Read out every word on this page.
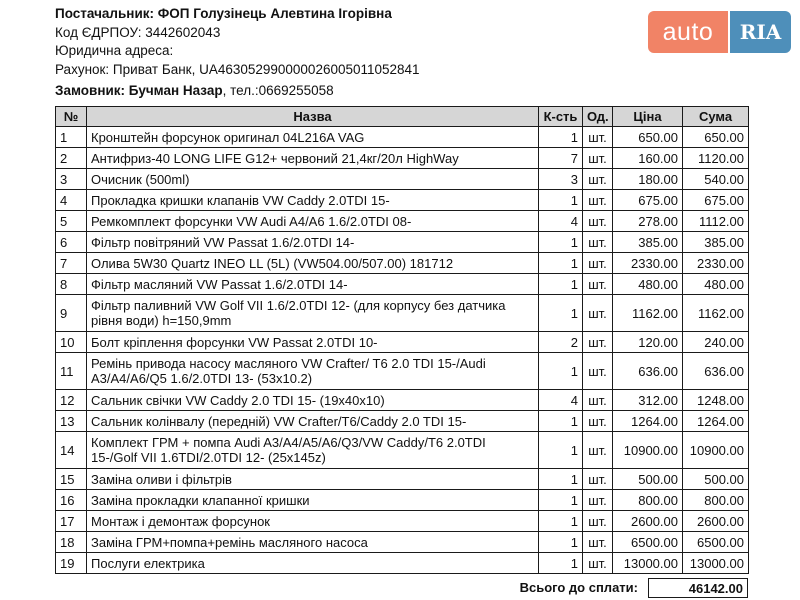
Постачальник: ФОП Голузінець Алевтина Ігорівна
Код ЄДРПОУ: 3442602043
Юридична адреса:
Рахунок: Приват Банк, UA463052990000026005011052841
Замовник: Бучман Назар, тел.:0669255058
auto	RIA
№	Назва	К-сть	Од.	Ціна	Сума
1	Кронштейн форсунок оригинал 04L216A VAG	1	шт.	650.00	650.00
2	Антифриз-40 LONG LIFE G12+ червоний 21,4кг/20л HighWay	7	шт.	160.00	1120.00
3	Очисник (500ml)	3	шт.	180.00	540.00
4	Прокладка кришки клапанів VW Caddy 2.0TDI 15-	1	шт.	675.00	675.00
5	Ремкомплект форсунки VW Audi A4/A6 1.6/2.0TDI 08-	4	шт.	278.00	1112.00
6	Фільтр повітряний VW Passat 1.6/2.0TDI 14-	1	шт.	385.00	385.00
7	Олива 5W30 Quartz INEO LL (5L) (VW504.00/507.00) 181712	1	шт.	2330.00	2330.00
8	Фільтр масляний VW Passat 1.6/2.0TDI 14-	1	шт.	480.00	480.00
9	Фільтр паливний VW Golf VII 1.6/2.0TDI 12- (для корпусу без датчика рівня води) h=150,9mm	1	шт.	1162.00	1162.00
10	Болт кріплення форсунки VW Passat 2.0TDI 10-	2	шт.	120.00	240.00
11	Ремінь привода насосу масляного VW Crafter/ T6 2.0 TDI 15-/Audi A3/A4/A6/Q5 1.6/2.0TDI 13- (53x10.2)	1	шт.	636.00	636.00
12	Сальник свічки VW Caddy 2.0 TDI 15- (19x40x10)	4	шт.	312.00	1248.00
13	Сальник колінвалу (передній) VW Crafter/T6/Caddy 2.0 TDI 15-	1	шт.	1264.00	1264.00
14	Комплект ГРМ + помпа Audi A3/A4/A5/A6/Q3/VW Caddy/T6 2.0TDI 15-/Golf VII 1.6TDI/2.0TDI 12- (25x145z)	1	шт.	10900.00	10900.00
15	Заміна оливи і фільтрів	1	шт.	500.00	500.00
16	Заміна прокладки клапанної кришки	1	шт.	800.00	800.00
17	Монтаж і демонтаж форсунок	1	шт.	2600.00	2600.00
18	Заміна ГРМ+помпа+ремінь масляного насоса	1	шт.	6500.00	6500.00
19	Послуги електрика	1	шт.	13000.00	13000.00
Всього до сплати:	46142.00
